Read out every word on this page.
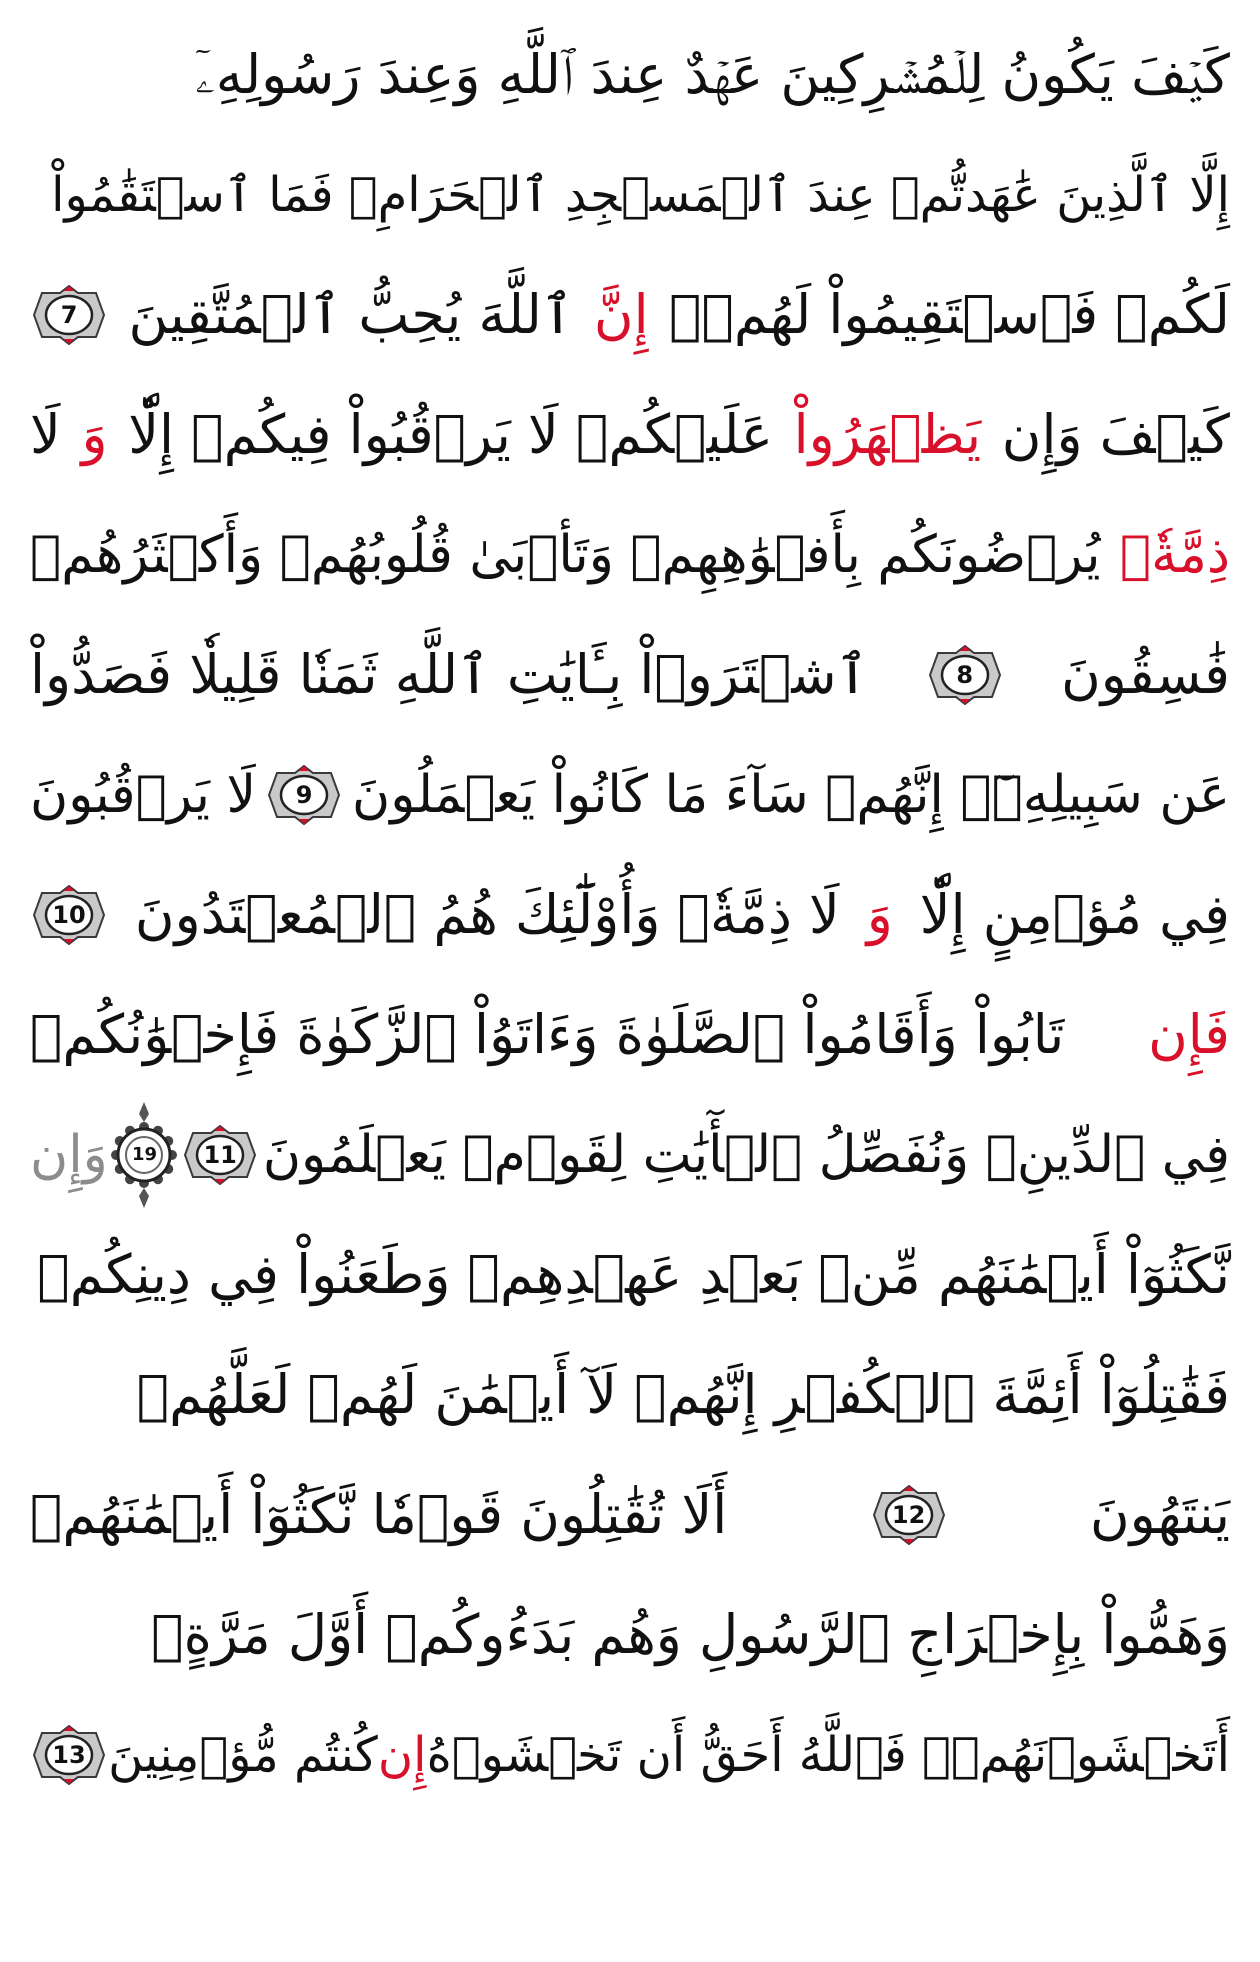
كَيۡفَ يَكُونُ لِلۡمُشۡرِكِينَ عَهۡدٌ عِندَ ٱللَّهِ وَعِندَ رَسُولِهِۦٓ
إِلَّا ٱلَّذِينَ عَٰهَدتُّمۡ عِندَ ٱلۡمَسۡجِدِ ٱلۡحَرَامِۖ فَمَا ٱسۡتَقَٰمُواْ
لَكُمۡ فَٱسۡتَقِيمُواْ لَهُمۡۚ
إِنَّ
ٱللَّهَ يُحِبُّ ٱلۡمُتَّقِينَ
7
كَيۡفَ وَإِن
يَظۡهَرُواْ
عَلَيۡكُمۡ لَا يَرۡقُبُواْ فِيكُمۡ إِلّٗا
وَ
لَا
ذِمَّةٗۚ
يُرۡضُونَكُم بِأَفۡوَٰهِهِمۡ وَتَأۡبَىٰ قُلُوبُهُمۡ وَأَكۡثَرُهُمۡ
فَٰسِقُونَ
8
ٱشۡتَرَوۡاْ بِـَٔايَٰتِ ٱللَّهِ ثَمَنٗا قَلِيلٗا فَصَدُّواْ
عَن سَبِيلِهِۦٓۚ إِنَّهُمۡ سَآءَ مَا كَانُواْ يَعۡمَلُونَ
9
لَا يَرۡقُبُونَ
فِي مُؤۡمِنٍ إِلّٗا
وَ
لَا ذِمَّةٗۚ وَأُوْلَٰٓئِكَ هُمُ ٱلۡمُعۡتَدُونَ
10
فَإِن
تَابُواْ وَأَقَامُواْ ٱلصَّلَوٰةَ وَءَاتَوُاْ ٱلزَّكَوٰةَ فَإِخۡوَٰنُكُمۡ
فِي ٱلدِّينِۗ وَنُفَصِّلُ ٱلۡأٓيَٰتِ لِقَوۡمٖ يَعۡلَمُونَ
11
19
وَإِن
نَّكَثُوٓاْ أَيۡمَٰنَهُم مِّنۢ بَعۡدِ عَهۡدِهِمۡ وَطَعَنُواْ فِي دِينِكُمۡ
فَقَٰتِلُوٓاْ أَئِمَّةَ ٱلۡكُفۡرِ إِنَّهُمۡ لَآ أَيۡمَٰنَ لَهُمۡ لَعَلَّهُمۡ
يَنتَهُونَ
12
أَلَا تُقَٰتِلُونَ قَوۡمٗا نَّكَثُوٓاْ أَيۡمَٰنَهُمۡ
وَهَمُّواْ بِإِخۡرَاجِ ٱلرَّسُولِ وَهُم بَدَءُوكُمۡ أَوَّلَ مَرَّةٍۚ
أَتَخۡشَوۡنَهُمۡۚ فَٱللَّهُ أَحَقُّ أَن تَخۡشَوۡهُ
إِن
كُنتُم مُّؤۡمِنِينَ
13
